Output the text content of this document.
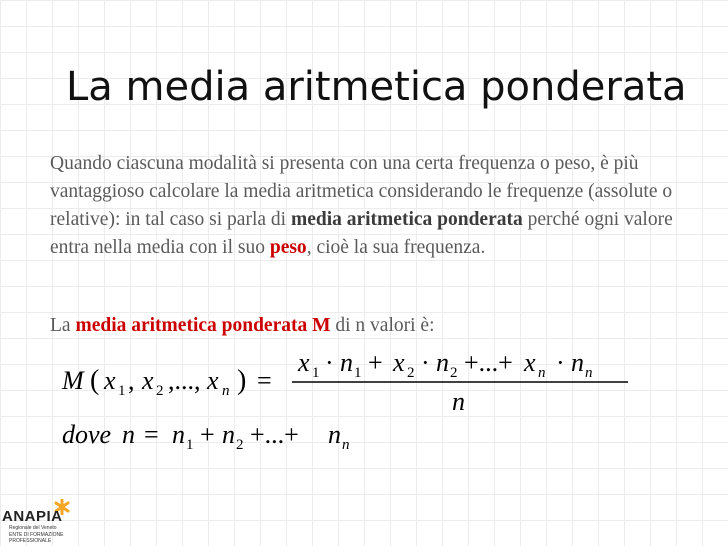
La media aritmetica ponderata
Quando ciascuna modalità si presenta con una certa frequenza o peso, è più vantaggioso calcolare la media aritmetica considerando le frequenze (assolute o relative): in tal caso si parla di media aritmetica ponderata perché ogni valore entra nella media con il suo peso, cioè la sua frequenza.
La media aritmetica ponderata M di n valori è:
M ( x 1 , x 2 ,..., x n ) =
x 1 · n 1 + x 2 · n 2 +...+ x n · n n
n
dove n = n 1 + n 2 +...+ n n
ANAPIA
Regionale del Veneto
ENTE DI FORMAZIONE
PROFESSIONALE
